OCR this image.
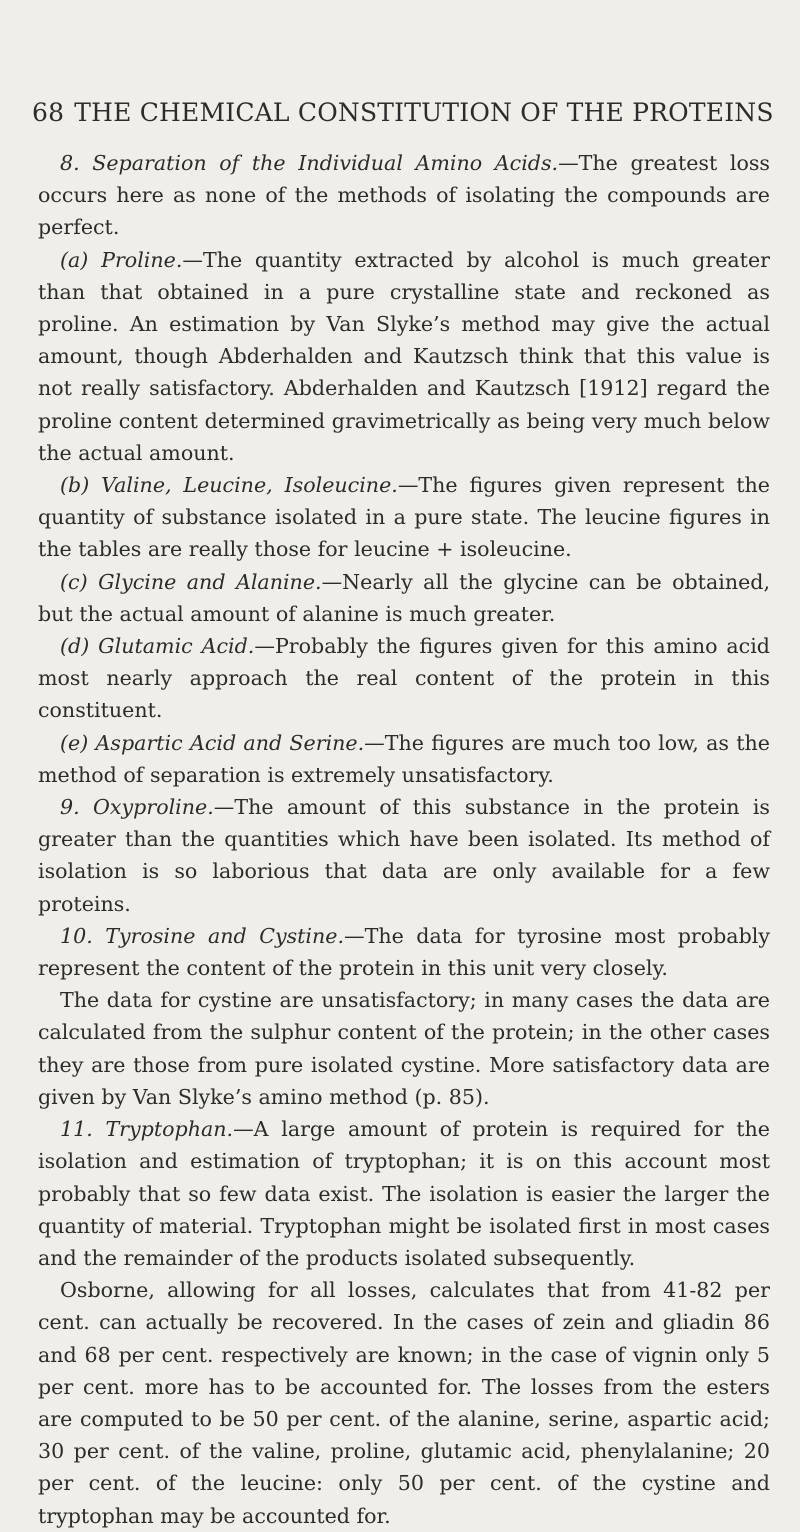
68 THE CHEMICAL CONSTITUTION OF THE PROTEINS

8. Separation of the Individual Amino Acids.—The greatest loss occurs here as none of the methods of isolating the compounds are perfect.

(a) Proline.—The quantity extracted by alcohol is much greater than that obtained in a pure crystalline state and reckoned as proline. An estimation by Van Slyke’s method may give the actual amount, though Abderhalden and Kautzsch think that this value is not really satisfactory. Abderhalden and Kautzsch [1912] regard the proline content determined gravimetrically as being very much below the actual amount.

(b) Valine, Leucine, Isoleucine.—The figures given represent the quantity of substance isolated in a pure state. The leucine figures in the tables are really those for leucine + isoleucine.

(c) Glycine and Alanine.—Nearly all the glycine can be obtained, but the actual amount of alanine is much greater.

(d) Glutamic Acid.—Probably the figures given for this amino acid most nearly approach the real content of the protein in this constituent.

(e) Aspartic Acid and Serine.—The figures are much too low, as the method of separation is extremely unsatisfactory.

9. Oxyproline.—The amount of this substance in the protein is greater than the quantities which have been isolated. Its method of isolation is so laborious that data are only available for a few proteins.

10. Tyrosine and Cystine.—The data for tyrosine most probably represent the content of the protein in this unit very closely.

The data for cystine are unsatisfactory; in many cases the data are calculated from the sulphur content of the protein; in the other cases they are those from pure isolated cystine. More satisfactory data are given by Van Slyke’s amino method (p. 85).

11. Tryptophan.—A large amount of protein is required for the isolation and estimation of tryptophan; it is on this account most probably that so few data exist. The isolation is easier the larger the quantity of material. Tryptophan might be isolated first in most cases and the remainder of the products isolated subsequently.

Osborne, allowing for all losses, calculates that from 41-82 per cent. can actually be recovered. In the cases of zein and gliadin 86 and 68 per cent. respectively are known; in the case of vignin only 5 per cent. more has to be accounted for. The losses from the esters are computed to be 50 per cent. of the alanine, serine, aspartic acid; 30 per cent. of the valine, proline, glutamic acid, phenylalanine; 20 per cent. of the leucine: only 50 per cent. of the cystine and tryptophan may be accounted for.
